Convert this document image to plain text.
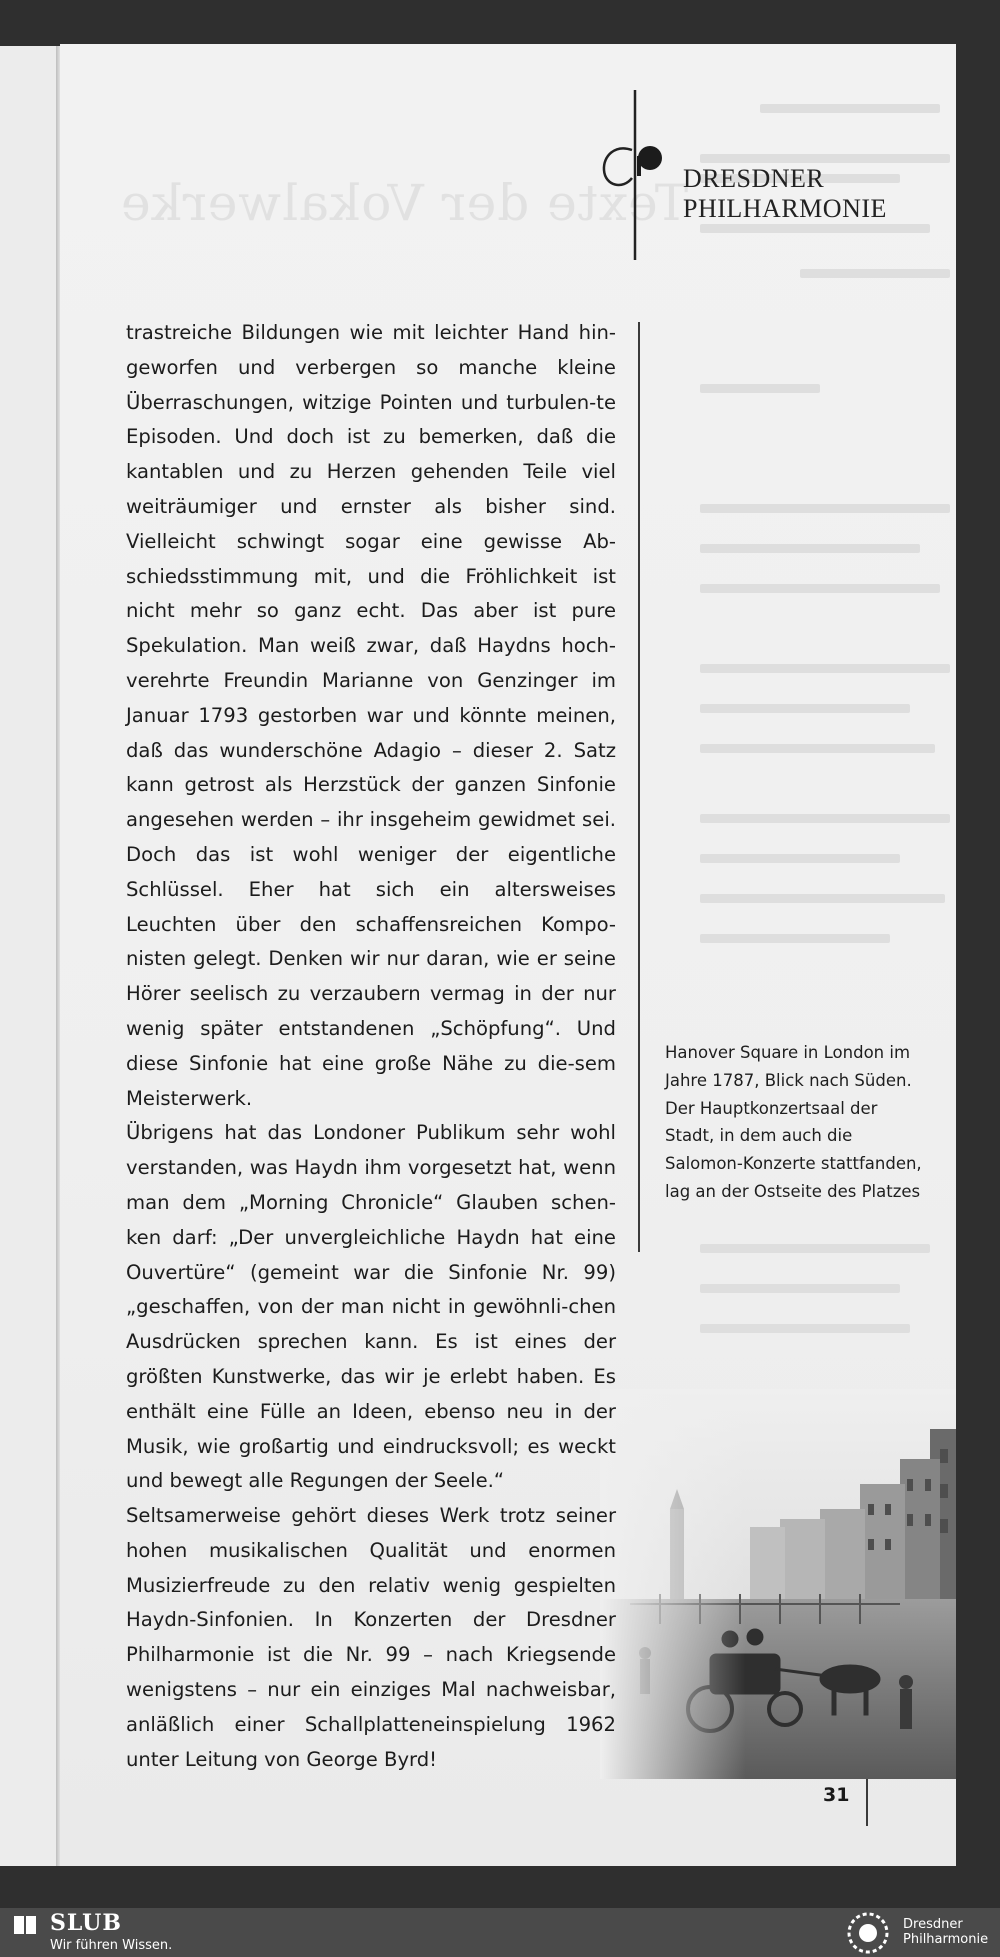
Texte der Vokalwerke
DRESDNER
PHILHARMONIE

trastreiche Bildungen wie mit leichter Hand hin-geworfen und verbergen so manche kleine Überraschungen, witzige Pointen und turbulen-te Episoden. Und doch ist zu bemerken, daß die kantablen und zu Herzen gehenden Teile viel weiträumiger und ernster als bisher sind. Vielleicht schwingt sogar eine gewisse Ab-schiedsstimmung mit, und die Fröhlichkeit ist nicht mehr so ganz echt. Das aber ist pure Spekulation. Man weiß zwar, daß Haydns hoch-verehrte Freundin Marianne von Genzinger im Januar 1793 gestorben war und könnte meinen, daß das wunderschöne Adagio – dieser 2. Satz kann getrost als Herzstück der ganzen Sinfonie angesehen werden – ihr insgeheim gewidmet sei. Doch das ist wohl weniger der eigentliche Schlüssel. Eher hat sich ein altersweises Leuchten über den schaffensreichen Kompo-nisten gelegt. Denken wir nur daran, wie er seine Hörer seelisch zu verzaubern vermag in der nur wenig später entstandenen „Schöpfung“. Und diese Sinfonie hat eine große Nähe zu die-sem Meisterwerk.

Übrigens hat das Londoner Publikum sehr wohl verstanden, was Haydn ihm vorgesetzt hat, wenn man dem „Morning Chronicle“ Glauben schen-ken darf: „Der unvergleichliche Haydn hat eine Ouvertüre“ (gemeint war die Sinfonie Nr. 99) „geschaffen, von der man nicht in gewöhnli-chen Ausdrücken sprechen kann. Es ist eines der größten Kunstwerke, das wir je erlebt haben. Es enthält eine Fülle an Ideen, ebenso neu in der Musik, wie großartig und eindrucksvoll; es weckt und bewegt alle Regungen der Seele.“

Seltsamerweise gehört dieses Werk trotz seiner hohen musikalischen Qualität und enormen Musizierfreude zu den relativ wenig gespielten Haydn-Sinfonien. In Konzerten der Dresdner Philharmonie ist die Nr. 99 – nach Kriegsende wenigstens – nur ein einziges Mal nachweisbar, anläßlich einer Schallplatteneinspielung 1962 unter Leitung von George Byrd!

Hanover Square in London im Jahre 1787, Blick nach Süden. Der Hauptkonzertsaal der Stadt, in dem auch die Salomon-Konzerte stattfanden, lag an der Ostseite des Platzes

31
SLUB
Wir führen Wissen.
Dresdner
Philharmonie
